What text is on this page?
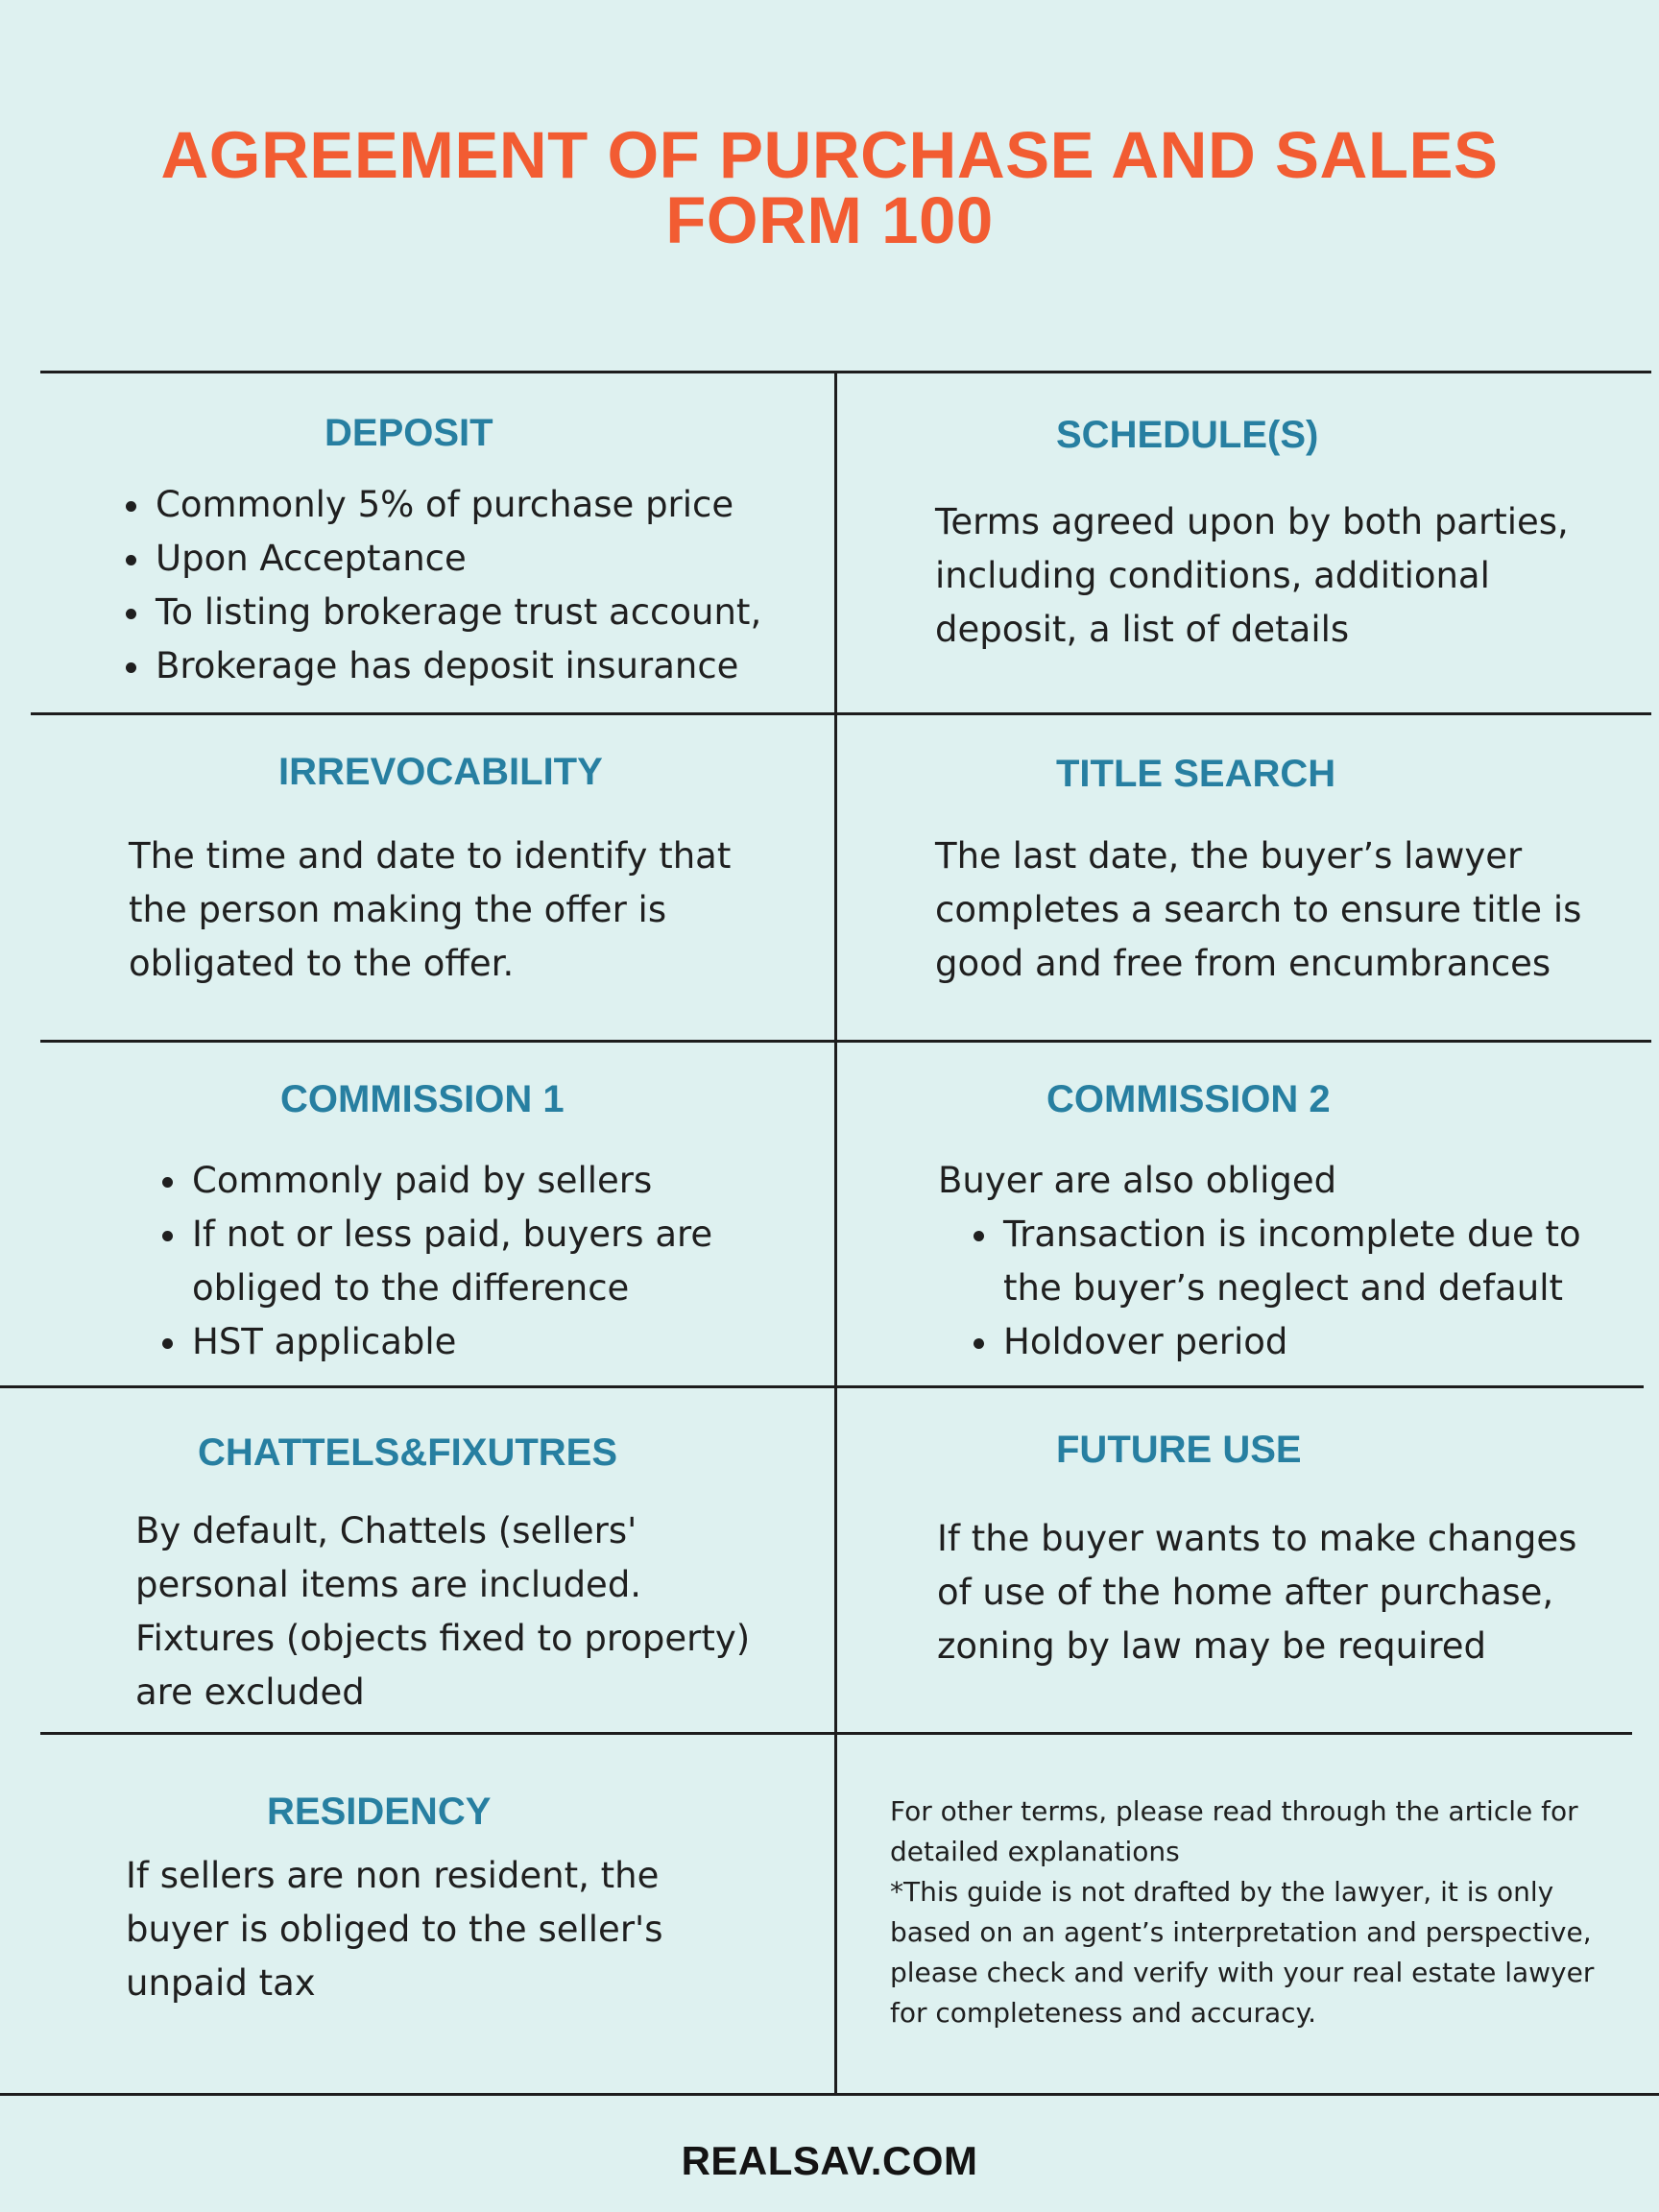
AGREEMENT OF PURCHASE AND SALES
FORM 100
DEPOSIT
Commonly 5% of purchase price
Upon Acceptance
To listing brokerage trust account,
Brokerage has deposit insurance
SCHEDULE(S)
Terms agreed upon by both parties,
including conditions, additional
deposit, a list of details
IRREVOCABILITY
The time and date to identify that
the person making the offer is
obligated to the offer.
TITLE SEARCH
The last date, the buyer’s lawyer
completes a search to ensure title is
good and free from encumbrances
COMMISSION 1
Commonly paid by sellers
If not or less paid, buyers are
obliged to the difference
HST applicable
COMMISSION 2
Buyer are also obliged
Transaction is incomplete due to
the buyer’s neglect and default
Holdover period
CHATTELS&FIXUTRES
By default, Chattels (sellers'
personal items are included.
Fixtures (objects fixed to property)
are excluded
FUTURE USE
If the buyer wants to make changes
of use of the home after purchase,
zoning by law may be required
RESIDENCY
If sellers are non resident, the
buyer is obliged to the seller's
unpaid tax
For other terms, please read through the article for
detailed explanations
*This guide is not drafted by the lawyer, it is only
based on an agent’s interpretation and perspective,
please check and verify with your real estate lawyer
for completeness and accuracy.
REALSAV.COM
